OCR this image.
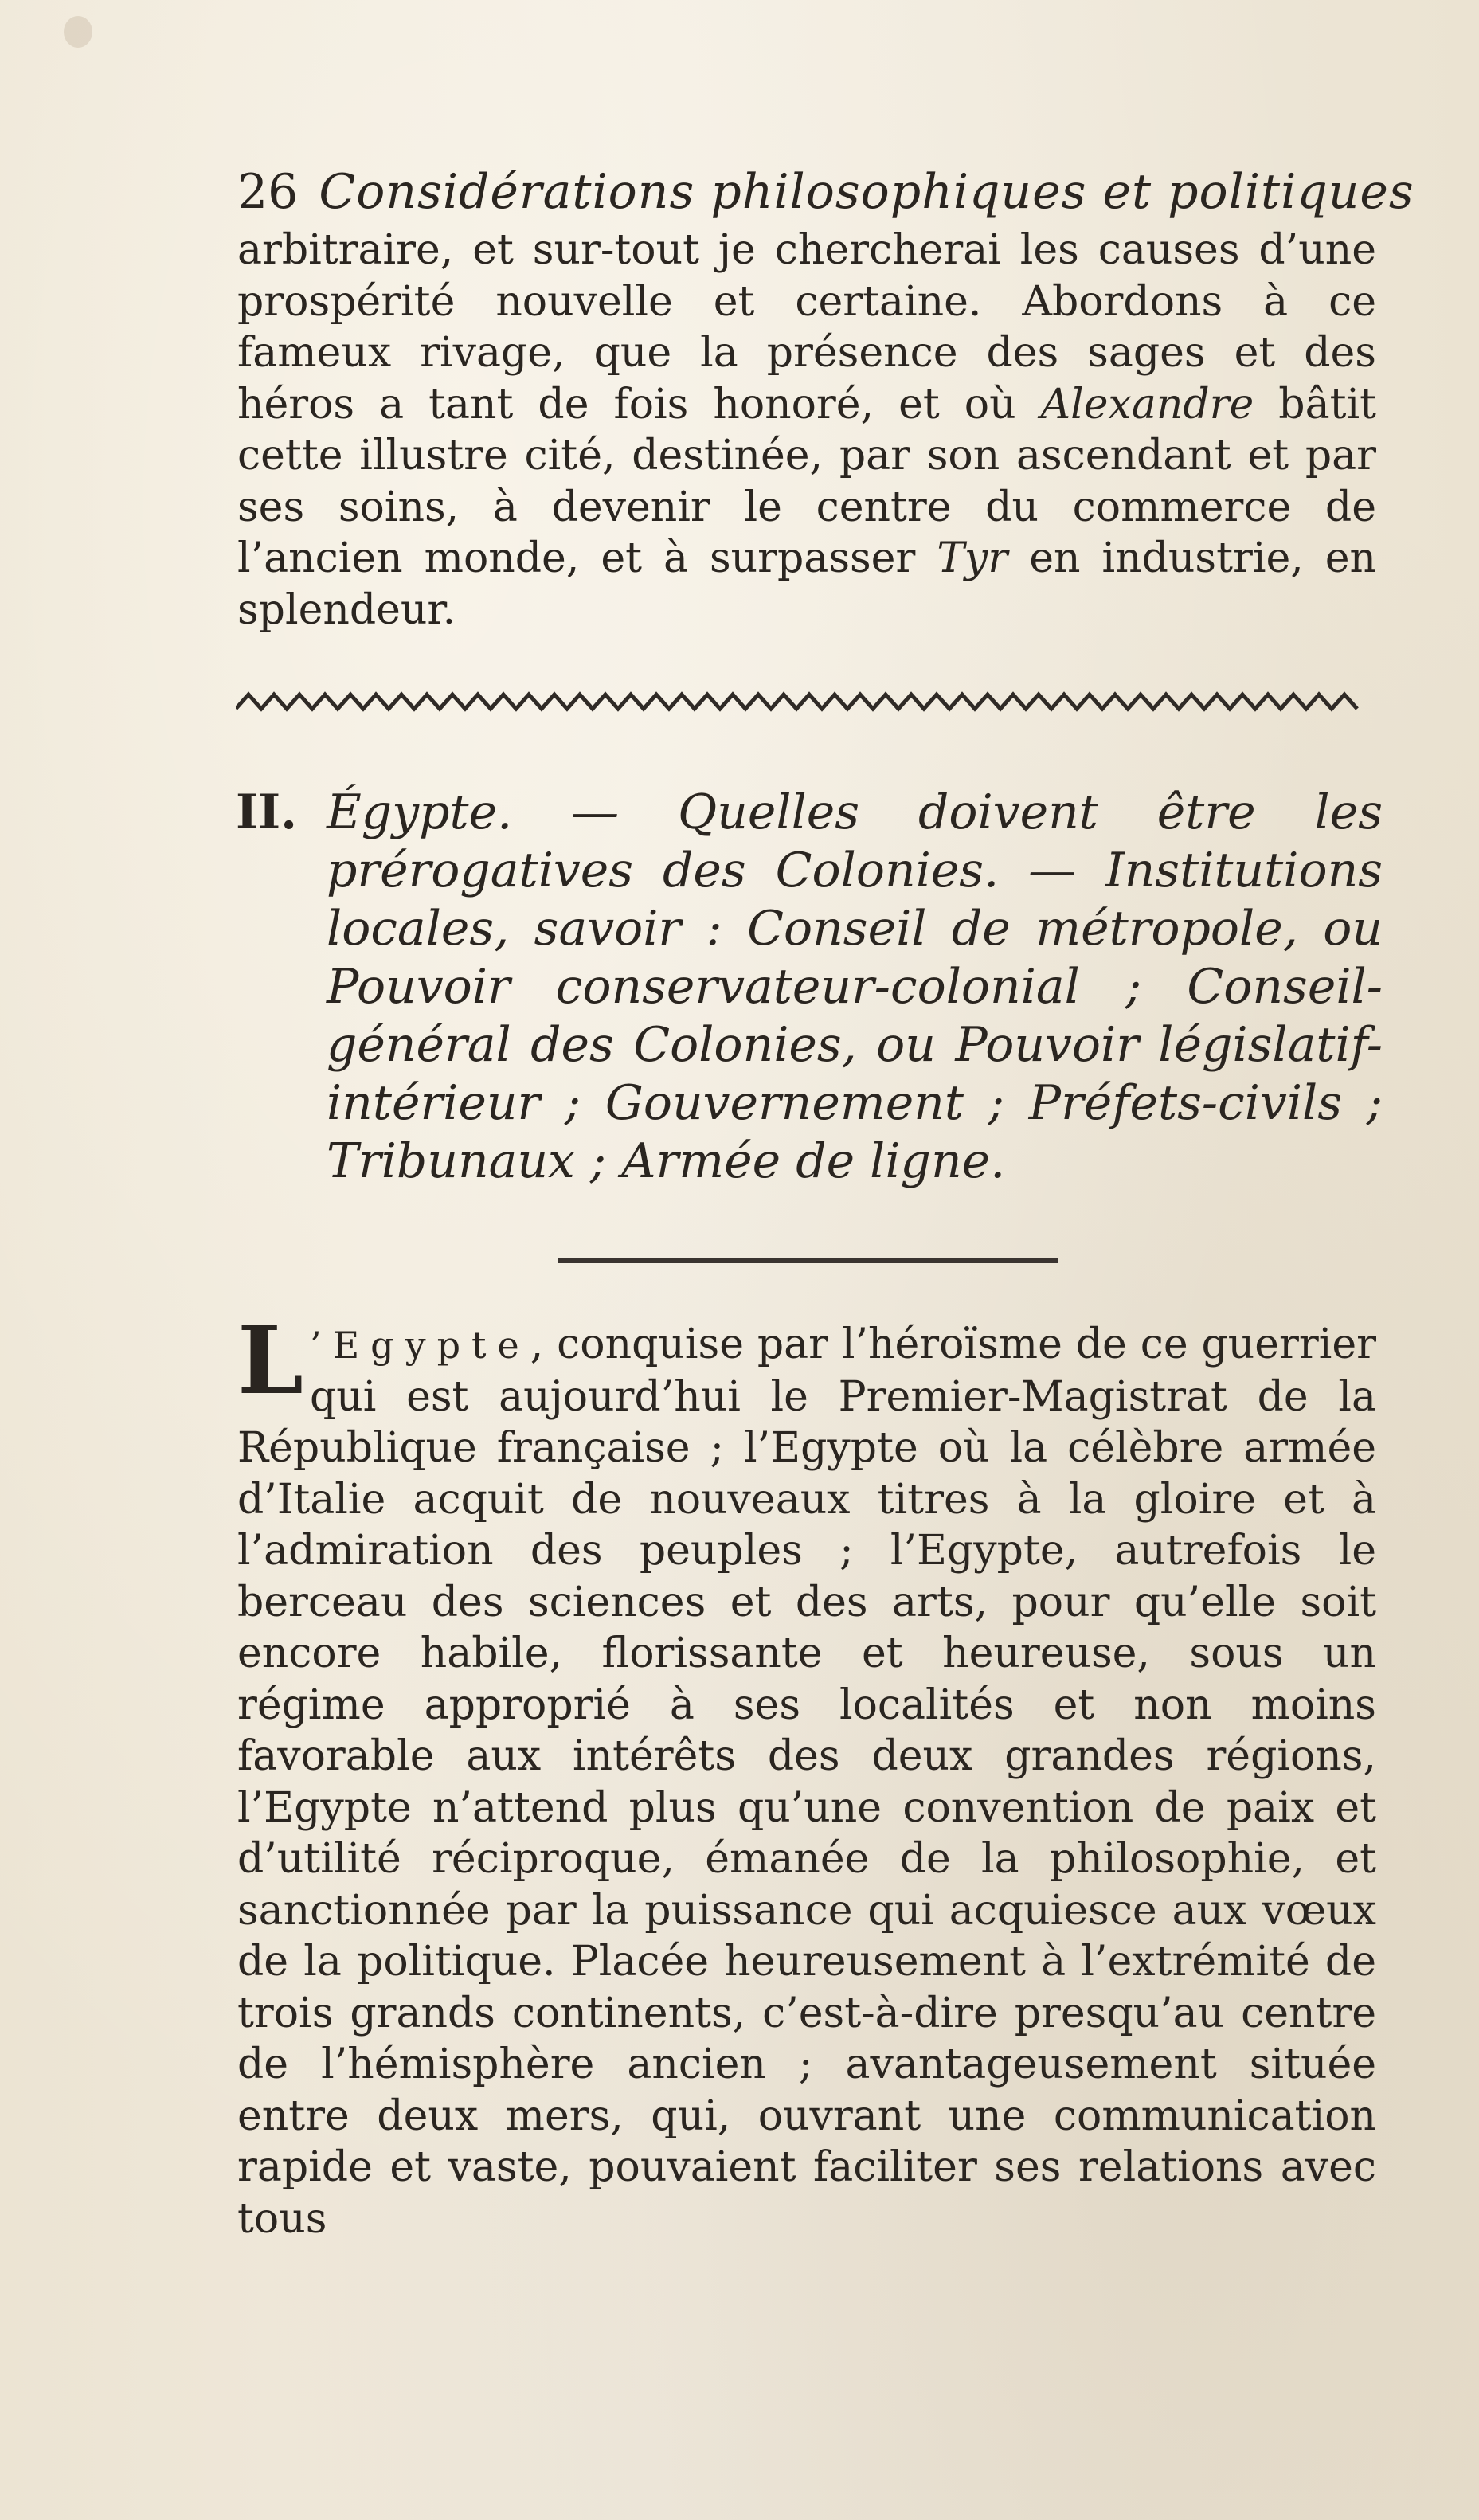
26 Considérations philosophiques et politiques

arbitraire, et sur-tout je chercherai les causes d’une prospérité nouvelle et certaine. Abordons à ce fameux rivage, que la présence des sages et des héros a tant de fois honoré, et où Alexandre bâtit cette illustre cité, destinée, par son ascendant et par ses soins, à devenir le centre du commerce de l’ancien monde, et à surpasser Tyr en industrie, en splendeur.

II. Égypte. — Quelles doivent être les prérogatives des Colonies. — Institutions locales, savoir : Conseil de métropole, ou Pouvoir conservateur-colonial ; Conseil-général des Colonies, ou Pouvoir législatif-intérieur ; Gouvernement ; Préfets-civils ; Tribunaux ; Armée de ligne.

L ’Egypte, conquise par l’héroïsme de ce guerrier qui est aujourd’hui le Premier-Magistrat de la République française ; l’Egypte où la célèbre armée d’Italie acquit de nouveaux titres à la gloire et à l’admiration des peuples ; l’Egypte, autrefois le berceau des sciences et des arts, pour qu’elle soit encore habile, florissante et heureuse, sous un régime approprié à ses localités et non moins favorable aux intérêts des deux grandes régions, l’Egypte n’attend plus qu’une convention de paix et d’utilité réciproque, émanée de la philosophie, et sanctionnée par la puissance qui acquiesce aux vœux de la politique. Placée heureusement à l’extrémité de trois grands continents, c’est-à-dire presqu’au centre de l’hémisphère ancien ; avantageusement située entre deux mers, qui, ouvrant une communication rapide et vaste, pouvaient faciliter ses relations avec tous
